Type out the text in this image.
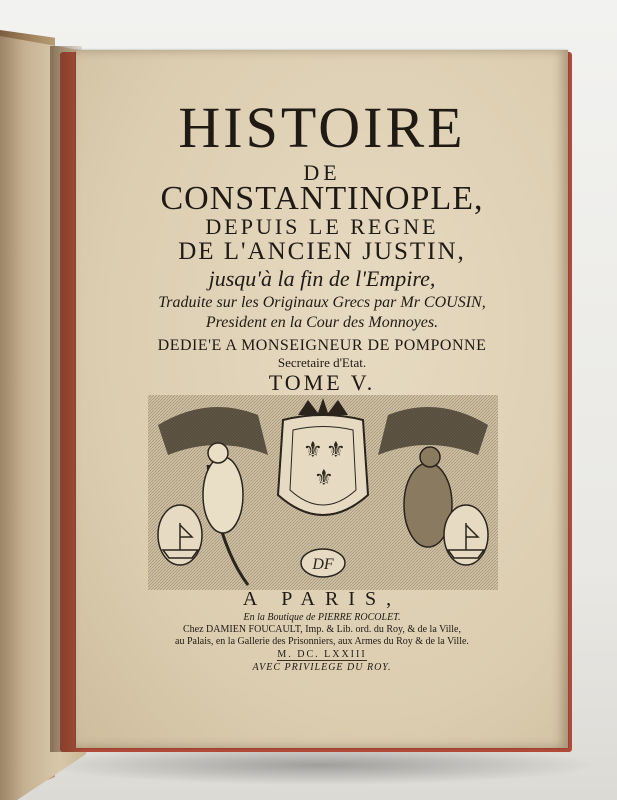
HISTOIRE

DE

CONSTANTINOPLE,

DEPUIS LE REGNE

DE L'ANCIEN JUSTIN,

jusqu'à la fin de l'Empire,

Traduite sur les Originaux Grecs par Mr COUSIN,

President en la Cour des Monnoyes.

DEDIE'E A MONSEIGNEUR DE POMPONNE

Secretaire d'Etat.

TOME V.

⚜ ⚜
⚜
DF

A PARIS,

En la Boutique de PIERRE ROCOLET.

Chez DAMIEN FOUCAULT, Imp. & Lib. ord. du Roy, & de la Ville,

au Palais, en la Gallerie des Prisonniers, aux Armes du Roy & de la Ville.

M. DC. LXXIII

AVEC PRIVILEGE DU ROY.
